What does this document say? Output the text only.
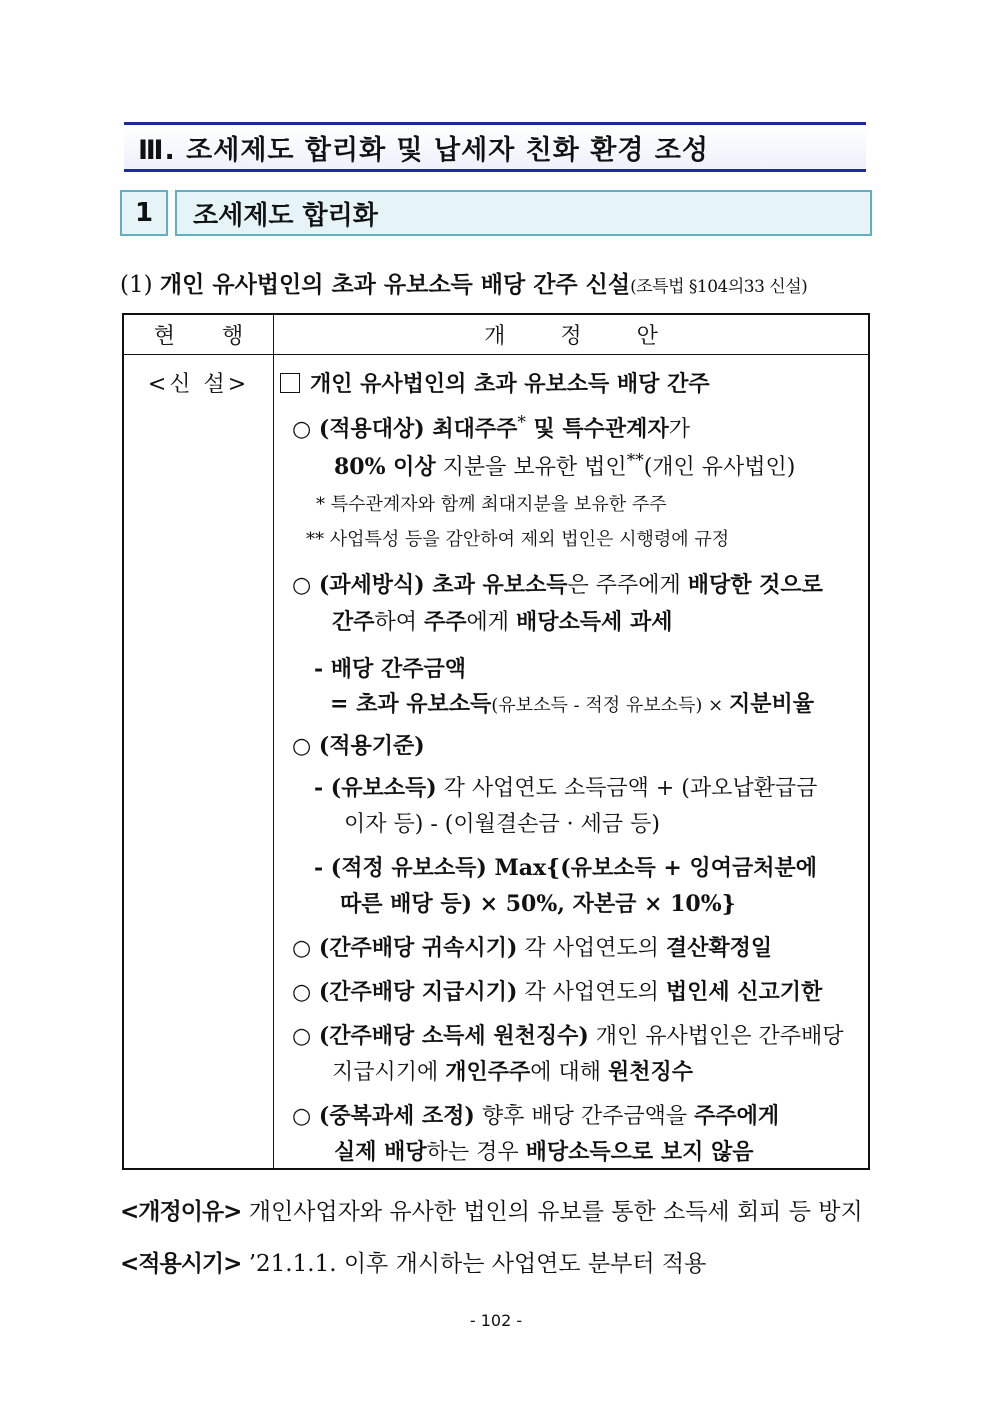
Ⅲ. 조세제도 합리화 및 납세자 친화 환경 조성
1	조세제도 합리화
(1) 개인 유사법인의 초과 유보소득 배당 간주 신설(조특법 §104의33 신설)
현 행	개 정 안
<신 설>	개인 유사법인의 초과 유보소득 배당 간주
○ (적용대상) 최대주주* 및 특수관계자가
80% 이상 지분을 보유한 법인**(개인 유사법인)
* 특수관계자와 함께 최대지분을 보유한 주주
** 사업특성 등을 감안하여 제외 법인은 시행령에 규정
○ (과세방식) 초과 유보소득은 주주에게 배당한 것으로
간주하여 주주에게 배당소득세 과세
- 배당 간주금액
= 초과 유보소득(유보소득 - 적정 유보소득) × 지분비율
○ (적용기준)
- (유보소득) 각 사업연도 소득금액 + (과오납환급금
이자 등) - (이월결손금 · 세금 등)
- (적정 유보소득) Max{(유보소득 + 잉여금처분에
따른 배당 등) × 50%, 자본금 × 10%}
○ (간주배당 귀속시기) 각 사업연도의 결산확정일
○ (간주배당 지급시기) 각 사업연도의 법인세 신고기한
○ (간주배당 소득세 원천징수) 개인 유사법인은 간주배당
지급시기에 개인주주에 대해 원천징수
○ (중복과세 조정) 향후 배당 간주금액을 주주에게
실제 배당하는 경우 배당소득으로 보지 않음
<개정이유> 개인사업자와 유사한 법인의 유보를 통한 소득세 회피 등 방지
<적용시기> ’21.1.1. 이후 개시하는 사업연도 분부터 적용
- 102 -
